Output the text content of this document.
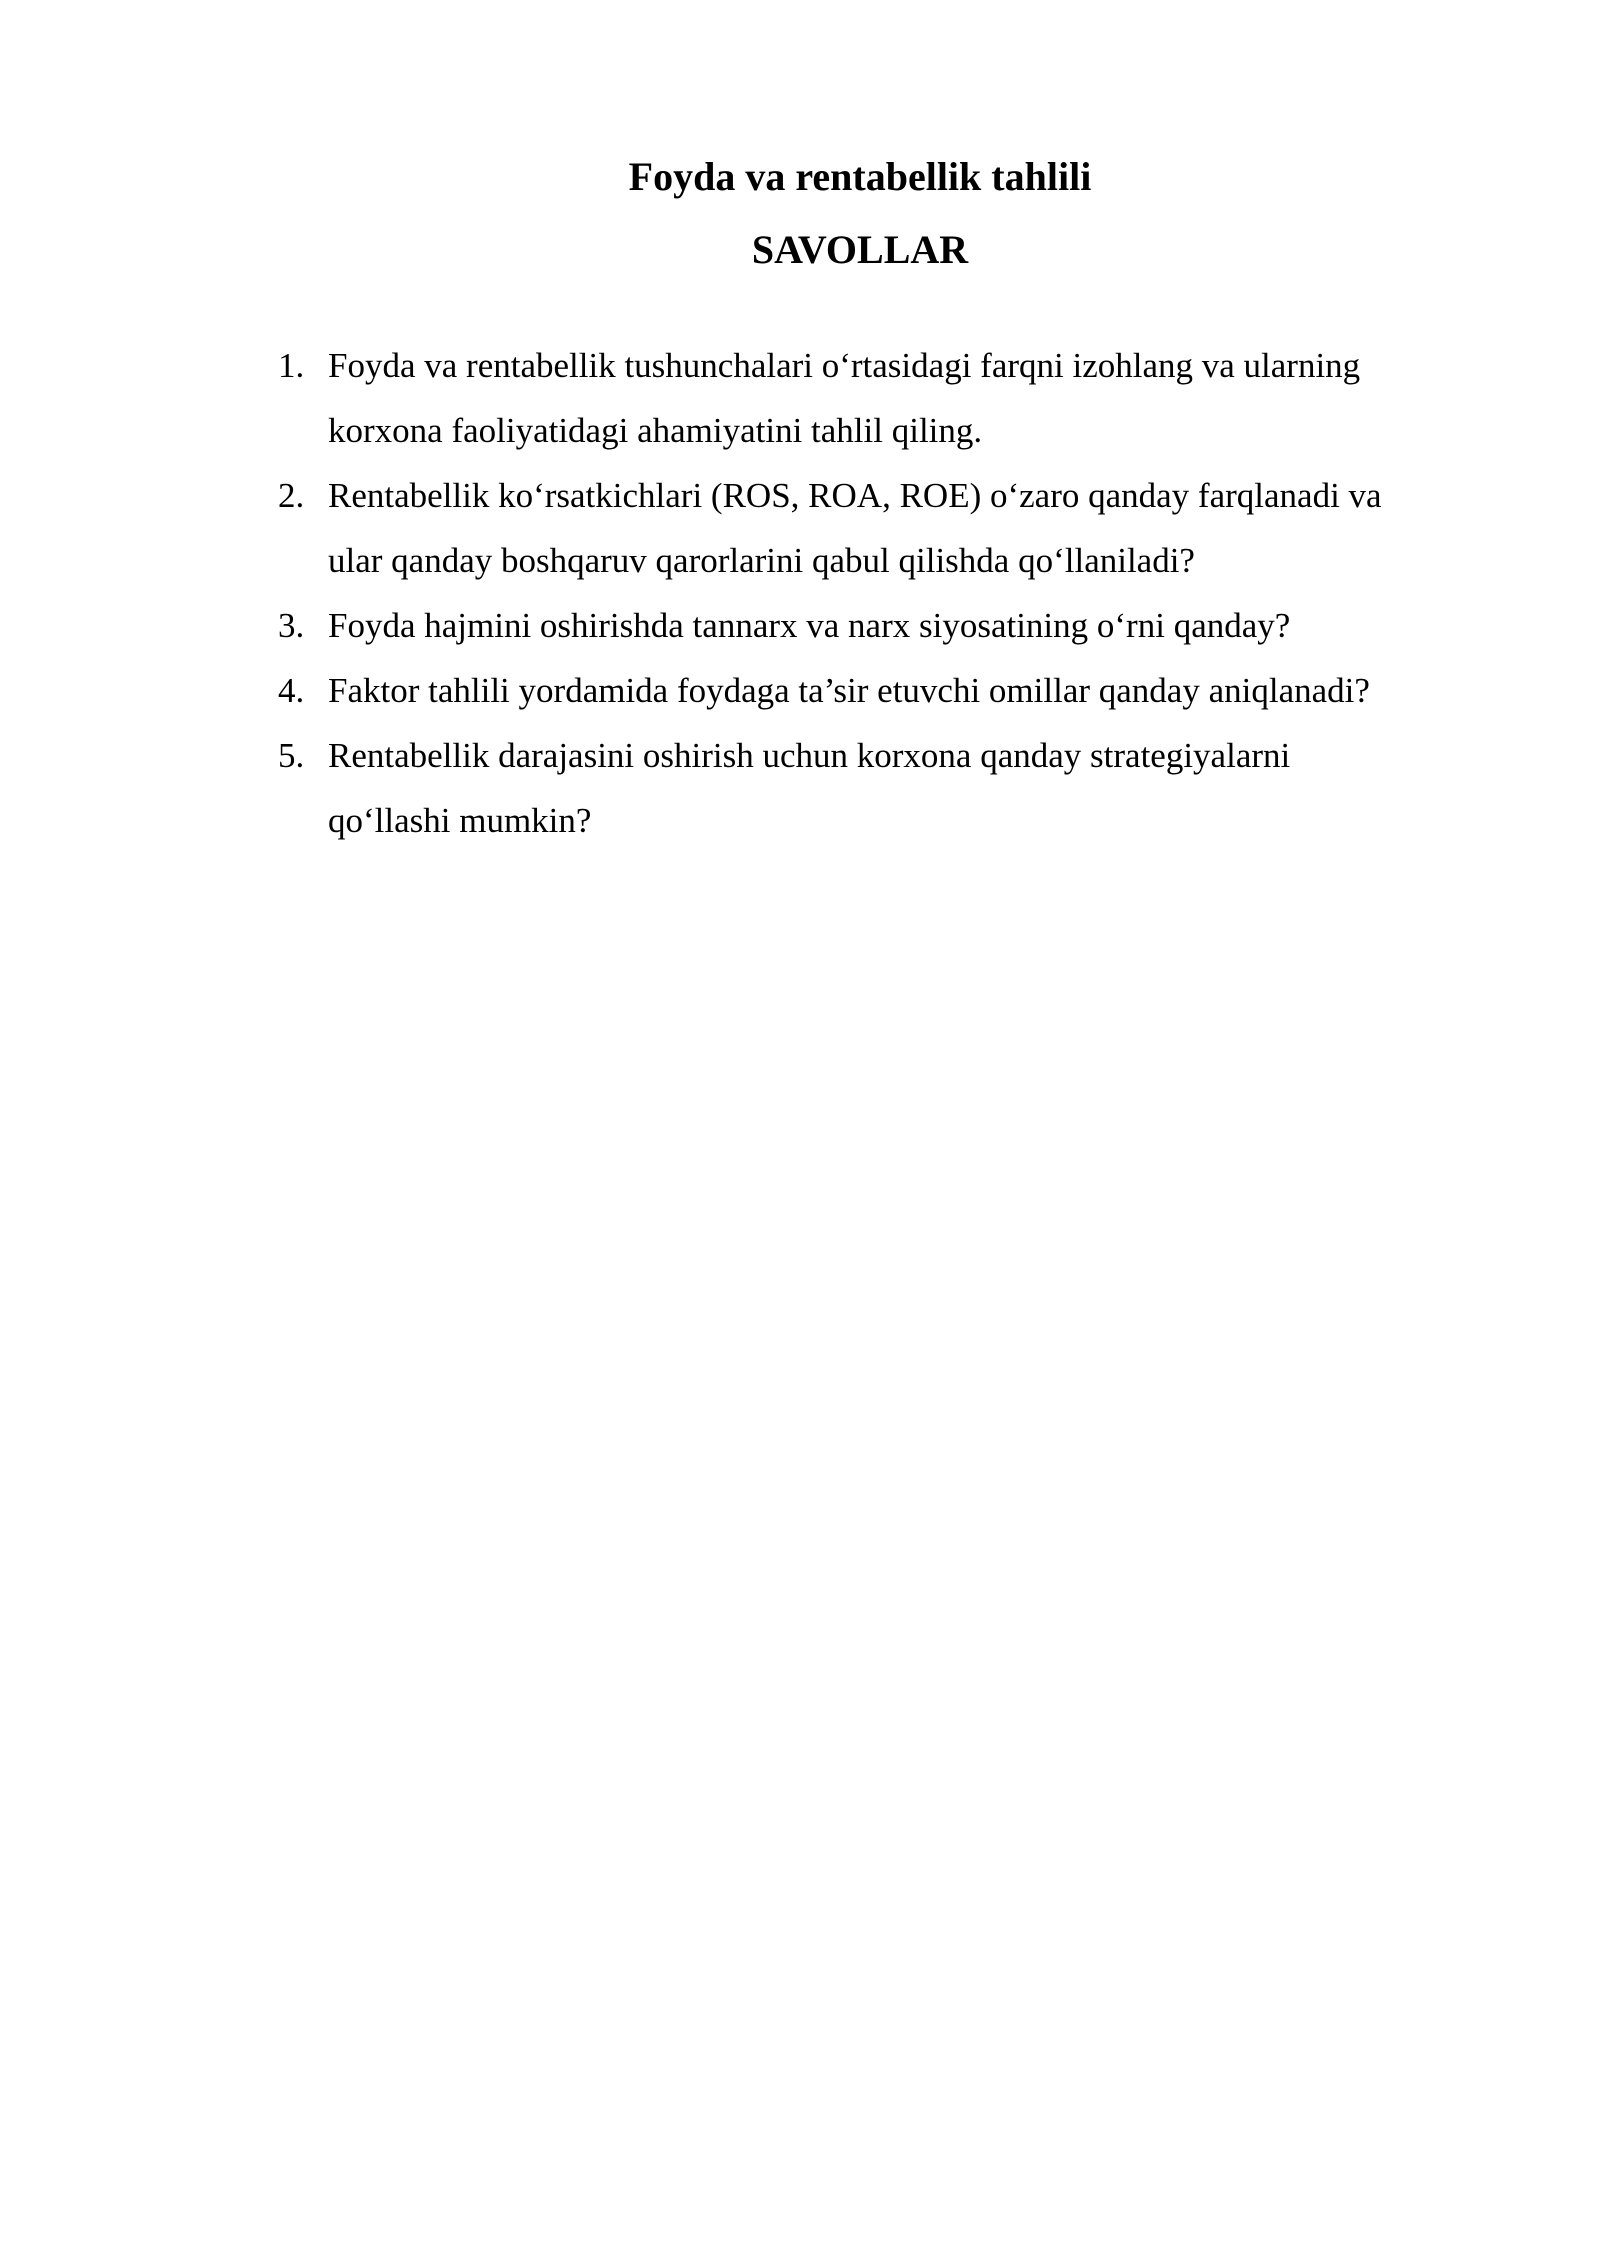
Foyda va rentabellik tahlili
SAVOLLAR
1. Foyda va rentabellik tushunchalari o‘rtasidagi farqni izohlang va ularning
korxona faoliyatidagi ahamiyatini tahlil qiling.
2. Rentabellik ko‘rsatkichlari (ROS, ROA, ROE) o‘zaro qanday farqlanadi va
ular qanday boshqaruv qarorlarini qabul qilishda qo‘llaniladi?
3. Foyda hajmini oshirishda tannarx va narx siyosatining o‘rni qanday?
4. Faktor tahlili yordamida foydaga ta’sir etuvchi omillar qanday aniqlanadi?
5. Rentabellik darajasini oshirish uchun korxona qanday strategiyalarni
qo‘llashi mumkin?
